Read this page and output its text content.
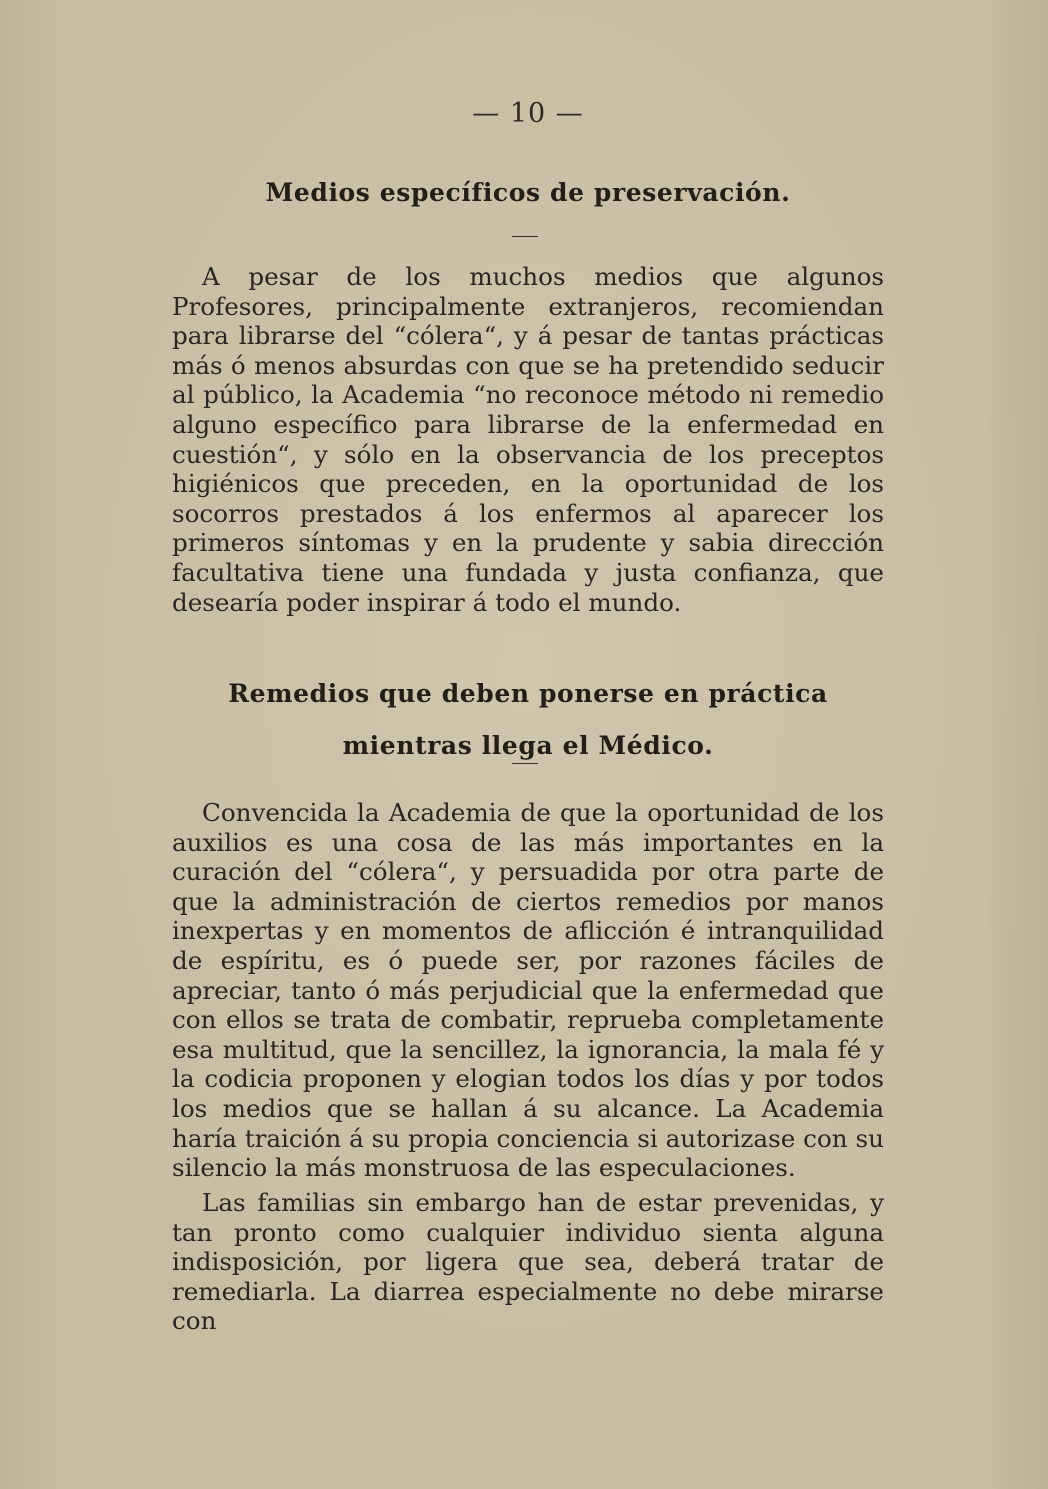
— 10 —
Medios específicos de preservación.

A pesar de los muchos medios que algunos Profesores, principalmente extranjeros, recomiendan para librarse del “cólera“, y á pesar de tantas prácticas más ó menos absurdas con que se ha pretendido seducir al público, la Academia “no reconoce método ni remedio alguno específico para librarse de la enfermedad en cuestión“, y sólo en la observancia de los preceptos higiénicos que preceden, en la oportunidad de los socorros prestados á los enfermos al aparecer los primeros síntomas y en la prudente y sabia dirección facultativa tiene una fundada y justa confianza, que desearía poder inspirar á todo el mundo.

Remedios que deben ponerse en práctica
mientras llega el Médico.

Convencida la Academia de que la oportunidad de los auxilios es una cosa de las más importantes en la curación del “cólera“, y persuadida por otra parte de que la administración de ciertos remedios por manos inexpertas y en momentos de aflicción é intranquilidad de espíritu, es ó puede ser, por razones fáciles de apreciar, tanto ó más perjudicial que la enfermedad que con ellos se trata de combatir, reprueba completamente esa multitud, que la sencillez, la ignorancia, la mala fé y la codicia proponen y elogian todos los días y por todos los medios que se hallan á su alcance. La Academia haría traición á su propia conciencia si autorizase con su silencio la más monstruosa de las especulaciones.

Las familias sin embargo han de estar prevenidas, y tan pronto como cualquier individuo sienta alguna indisposición, por ligera que sea, deberá tratar de remediarla. La diarrea especialmente no debe mirarse con
